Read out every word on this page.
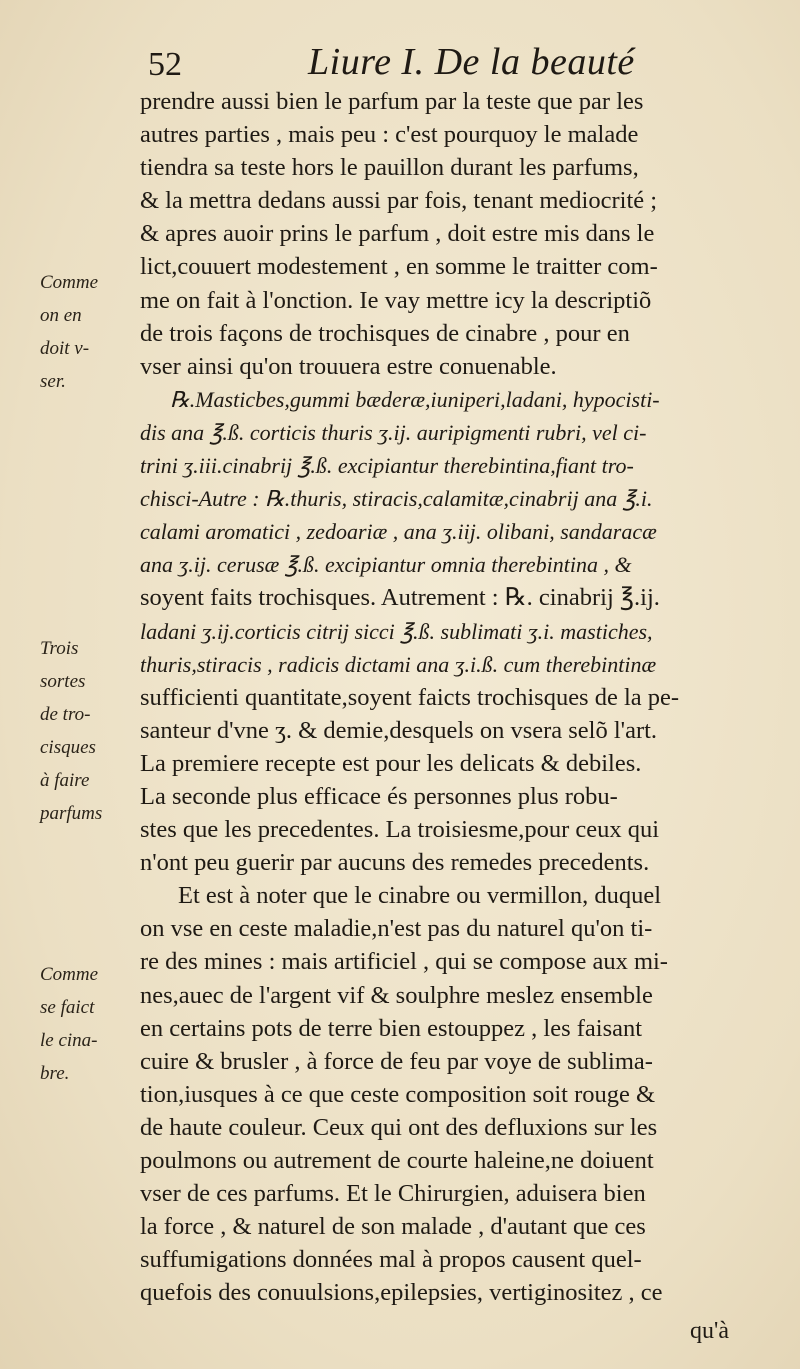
52	Liure I. De la beauté
Comme
on en
doit v-
ser.
Trois
sortes
de tro-
cisques
à faire
parfums
Comme
se faict
le cina-
bre.
prendre aussi bien le parfum par la teste que par les
autres parties , mais peu : c'est pourquoy le malade
tiendra sa teste hors le pauillon durant les parfums,
& la mettra dedans aussi par fois, tenant mediocrité ;
& apres auoir prins le parfum , doit estre mis dans le
lict,couuert modestement , en somme le traitter com-
me on fait à l'onction. Ie vay mettre icy la descriptiõ
de trois façons de trochisques de cinabre , pour en
vser ainsi qu'on trouuera estre conuenable.
℞.Masticbes,gummi bæderæ,iuniperi,ladani, hypocisti-
dis ana ℥.ß. corticis thuris ʒ.ij. auripigmenti rubri, vel ci-
trini ʒ.iii.cinabrij ℥.ß. excipiantur therebintina,fiant tro-
chisci-Autre : ℞.thuris, stiracis,calamitæ,cinabrij ana ℥.i.
calami aromatici , zedoariæ , ana ʒ.iij. olibani, sandaracæ
ana ʒ.ij. cerusæ ℥.ß. excipiantur omnia therebintina , &
soyent faits trochisques. Autrement : ℞. cinabrij ℥.ij.
ladani ʒ.ij.corticis citrij sicci ℥.ß. sublimati ʒ.i. mastiches,
thuris,stiracis , radicis dictami ana ʒ.i.ß. cum therebintinæ
sufficienti quantitate,soyent faicts trochisques de la pe-
santeur d'vne ʒ. & demie,desquels on vsera selõ l'art.
La premiere recepte est pour les delicats & debiles.
La seconde plus efficace és personnes plus robu-
stes que les precedentes. La troisiesme,pour ceux qui
n'ont peu guerir par aucuns des remedes precedents.
Et est à noter que le cinabre ou vermillon, duquel
on vse en ceste maladie,n'est pas du naturel qu'on ti-
re des mines : mais artificiel , qui se compose aux mi-
nes,auec de l'argent vif & soulphre meslez ensemble
en certains pots de terre bien estouppez , les faisant
cuire & brusler , à force de feu par voye de sublima-
tion,iusques à ce que ceste composition soit rouge &
de haute couleur. Ceux qui ont des defluxions sur les
poulmons ou autrement de courte haleine,ne doiuent
vser de ces parfums. Et le Chirurgien, aduisera bien
la force , & naturel de son malade , d'autant que ces
suffumigations données mal à propos causent quel-
quefois des conuulsions,epilepsies, vertiginositez , ce
qu'à
